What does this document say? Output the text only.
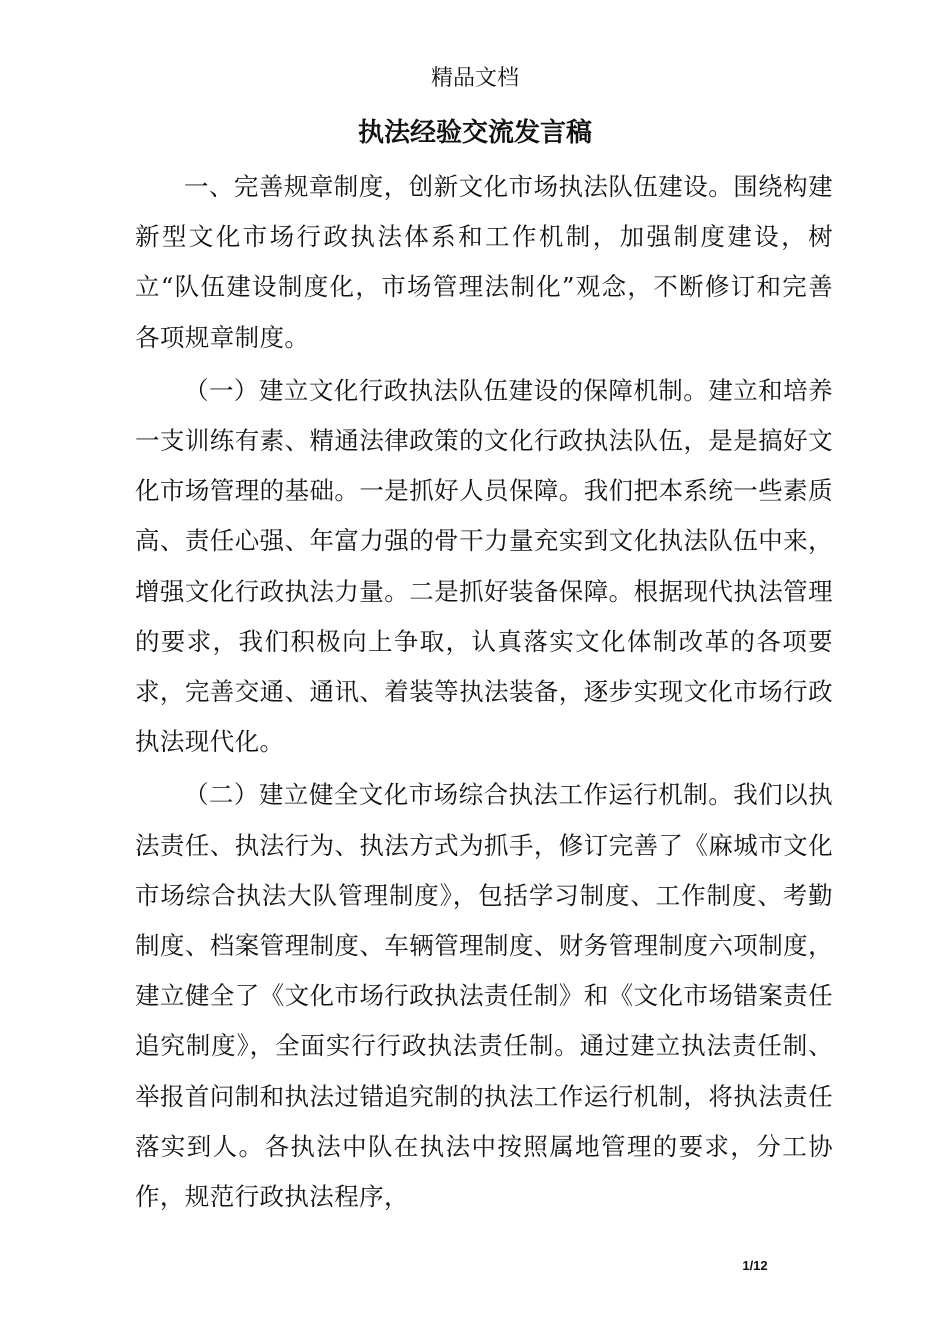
精品文档
执法经验交流发言稿

一、完善规章制度，创新文化市场执法队伍建设。围绕构建新型文化市场行政执法体系和工作机制，加强制度建设，树立“队伍建设制度化，市场管理法制化”观念，不断修订和完善各项规章制度。

（一）建立文化行政执法队伍建设的保障机制。建立和培养一支训练有素、精通法律政策的文化行政执法队伍，是是搞好文化市场管理的基础。一是抓好人员保障。我们把本系统一些素质高、责任心强、年富力强的骨干力量充实到文化执法队伍中来，增强文化行政执法力量。二是抓好装备保障。根据现代执法管理的要求，我们积极向上争取，认真落实文化体制改革的各项要求，完善交通、通讯、着装等执法装备，逐步实现文化市场行政执法现代化。

（二）建立健全文化市场综合执法工作运行机制。我们以执法责任、执法行为、执法方式为抓手，修订完善了《麻城市文化市场综合执法大队管理制度》，包括学习制度、工作制度、考勤制度、档案管理制度、车辆管理制度、财务管理制度六项制度，建立健全了《文化市场行政执法责任制》和《文化市场错案责任追究制度》，全面实行行政执法责任制。通过建立执法责任制、举报首问制和执法过错追究制的执法工作运行机制，将执法责任落实到人。各执法中队在执法中按照属地管理的要求，分工协作，规范行政执法程序，

1/12
